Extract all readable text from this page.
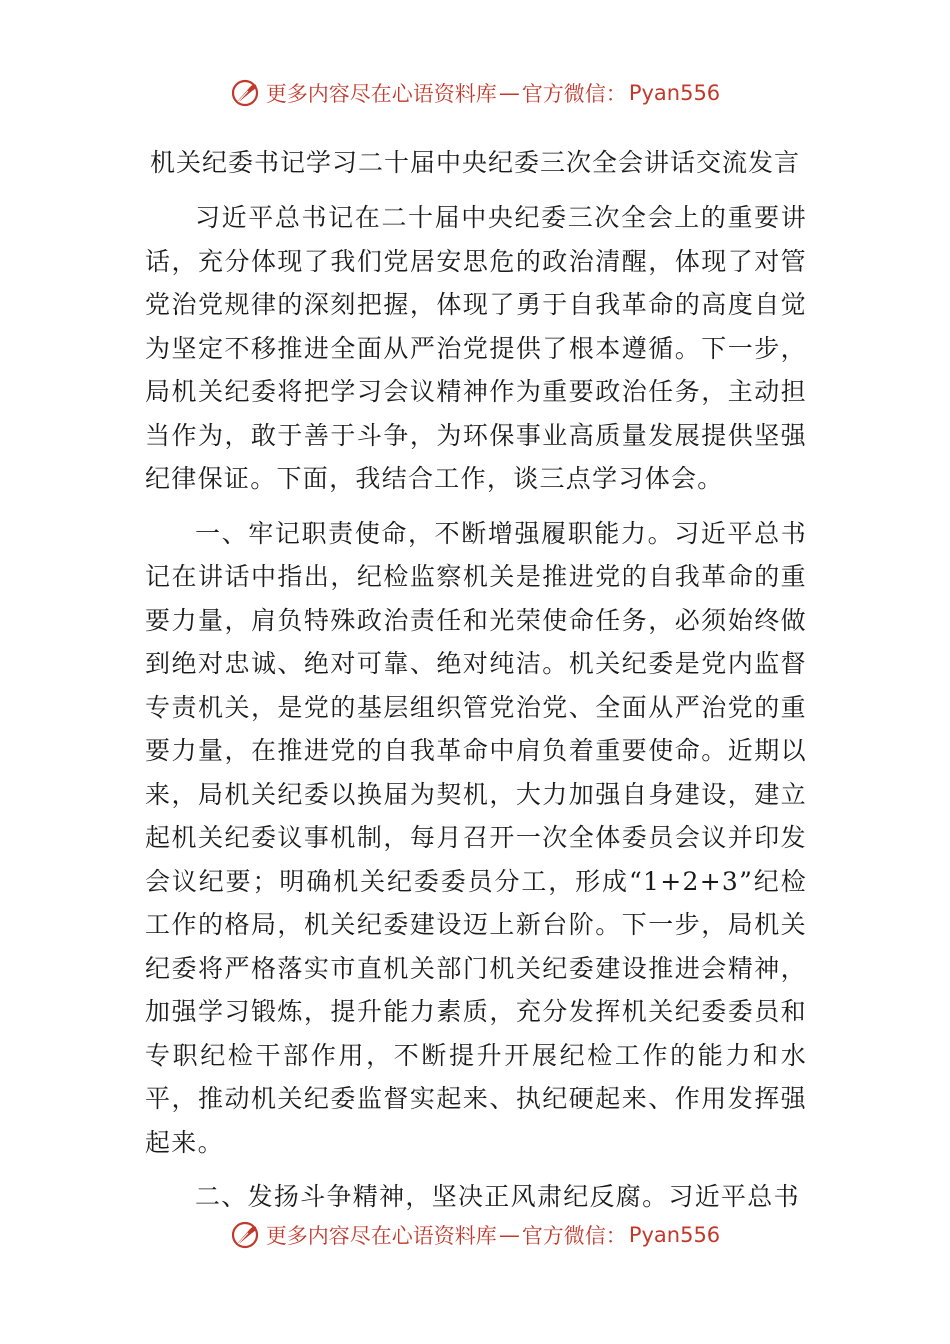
更多内容尽在心语资料库 — 官方微信： Pyan556
机关纪委书记学习二十届中央纪委三次全会讲话交流发言

习近平总书记在二十届中央纪委三次全会上的重要讲话，充分体现了我们党居安思危的政治清醒，体现了对管党治党规律的深刻把握，体现了勇于自我革命的高度自觉为坚定不移推进全面从严治党提供了根本遵循。下一步，局机关纪委将把学习会议精神作为重要政治任务，主动担当作为，敢于善于斗争，为环保事业高质量发展提供坚强纪律保证。下面，我结合工作，谈三点学习体会。

一、牢记职责使命，不断增强履职能力。习近平总书记在讲话中指出，纪检监察机关是推进党的自我革命的重要力量，肩负特殊政治责任和光荣使命任务，必须始终做到绝对忠诚、绝对可靠、绝对纯洁。机关纪委是党内监督专责机关，是党的基层组织管党治党、全面从严治党的重要力量，在推进党的自我革命中肩负着重要使命。近期以来，局机关纪委以换届为契机，大力加强自身建设，建立起机关纪委议事机制，每月召开一次全体委员会议并印发会议纪要；明确机关纪委委员分工，形成“1+2+3”纪检工作的格局，机关纪委建设迈上新台阶。下一步，局机关纪委将严格落实市直机关部门机关纪委建设推进会精神，加强学习锻炼，提升能力素质，充分发挥机关纪委委员和专职纪检干部作用，不断提升开展纪检工作的能力和水平，推动机关纪委监督实起来、执纪硬起来、作用发挥强起来。

二、发扬斗争精神，坚决正风肃纪反腐。习近平总书

更多内容尽在心语资料库 — 官方微信： Pyan556
